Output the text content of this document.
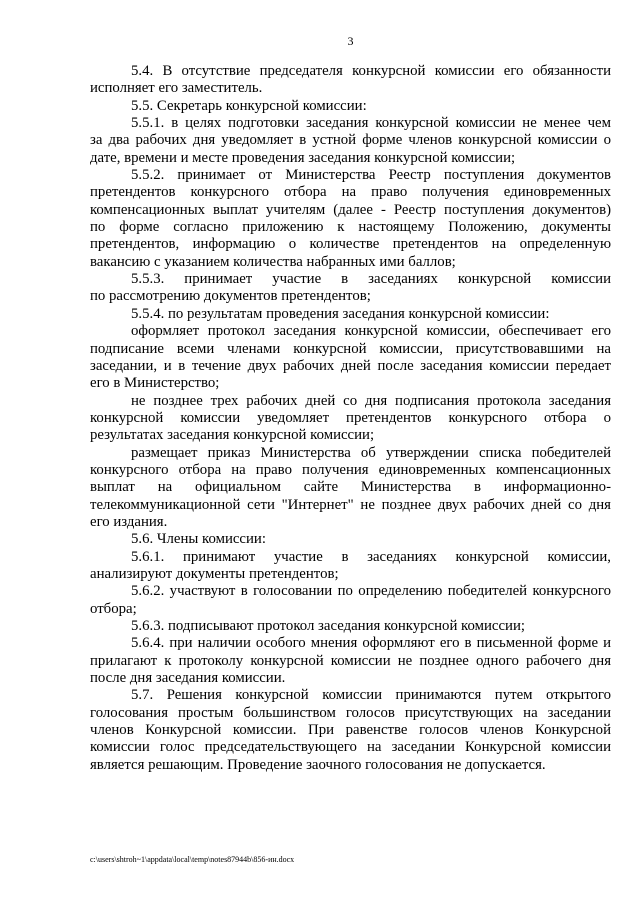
3
5.4. В отсутствие председателя конкурсной комиссии его обязанности
исполняет его заместитель.
5.5. Секретарь конкурсной комиссии:
5.5.1. в целях подготовки заседания конкурсной комиссии не менее чем
за два рабочих дня уведомляет в устной форме членов конкурсной комиссии о
дате, времени и месте проведения заседания конкурсной комиссии;
5.5.2. принимает от Министерства Реестр поступления документов
претендентов конкурсного отбора на право получения единовременных
компенсационных выплат учителям (далее - Реестр поступления документов)
по форме согласно приложению к настоящему Положению, документы
претендентов, информацию о количестве претендентов на определенную
вакансию с указанием количества набранных ими баллов;
5.5.3. принимает участие в заседаниях конкурсной комиссии
по рассмотрению документов претендентов;
5.5.4. по результатам проведения заседания конкурсной комиссии:
оформляет протокол заседания конкурсной комиссии, обеспечивает его
подписание всеми членами конкурсной комиссии, присутствовавшими на
заседании, и в течение двух рабочих дней после заседания комиссии передает
его в Министерство;
не позднее трех рабочих дней со дня подписания протокола заседания
конкурсной комиссии уведомляет претендентов конкурсного отбора о
результатах заседания конкурсной комиссии;
размещает приказ Министерства об утверждении списка победителей
конкурсного отбора на право получения единовременных компенсационных
выплат на официальном сайте Министерства в информационно-
телекоммуникационной сети "Интернет" не позднее двух рабочих дней со дня
его издания.
5.6. Члены комиссии:
5.6.1. принимают участие в заседаниях конкурсной комиссии,
анализируют документы претендентов;
5.6.2. участвуют в голосовании по определению победителей конкурсного
отбора;
5.6.3. подписывают протокол заседания конкурсной комиссии;
5.6.4. при наличии особого мнения оформляют его в письменной форме и
прилагают к протоколу конкурсной комиссии не позднее одного рабочего дня
после дня заседания комиссии.
5.7. Решения конкурсной комиссии принимаются путем открытого
голосования простым большинством голосов присутствующих на заседании
членов Конкурсной комиссии. При равенстве голосов членов Конкурсной
комиссии голос председательствующего на заседании Конкурсной комиссии
является решающим. Проведение заочного голосования не допускается.
c:\users\shtroh~1\appdata\local\temp\notes87944b\856-ин.docx
